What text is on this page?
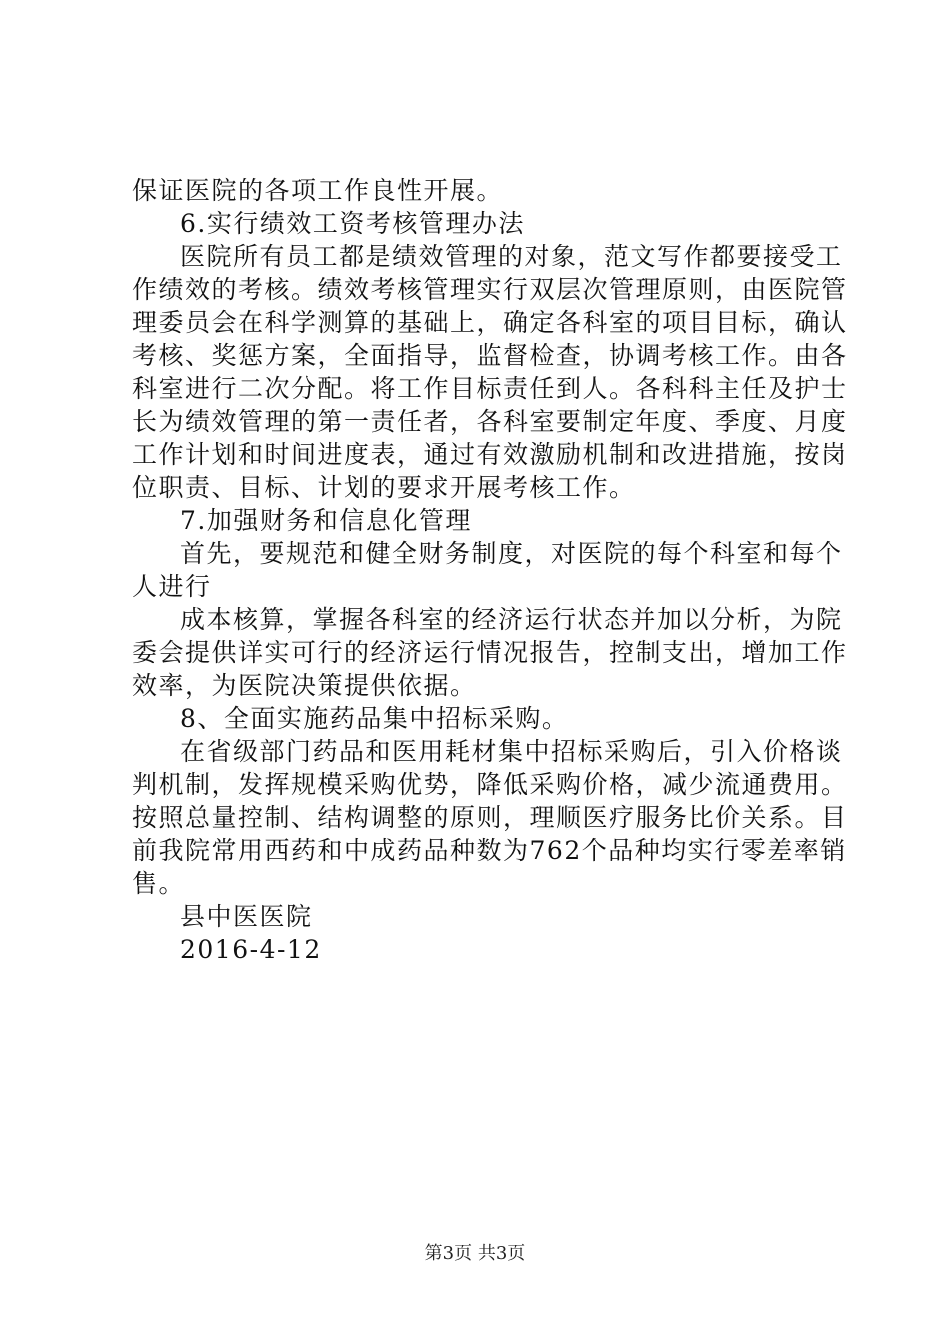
保证医院的各项工作良性开展。
6.实行绩效工资考核管理办法
医院所有员工都是绩效管理的对象，范文写作都要接受工
作绩效的考核。绩效考核管理实行双层次管理原则，由医院管
理委员会在科学测算的基础上，确定各科室的项目目标，确认
考核、奖惩方案，全面指导，监督检查，协调考核工作。由各
科室进行二次分配。将工作目标责任到人。各科科主任及护士
长为绩效管理的第一责任者，各科室要制定年度、季度、月度
工作计划和时间进度表，通过有效激励机制和改进措施，按岗
位职责、目标、计划的要求开展考核工作。
7.加强财务和信息化管理
首先，要规范和健全财务制度，对医院的每个科室和每个
人进行
成本核算，掌握各科室的经济运行状态并加以分析，为院
委会提供详实可行的经济运行情况报告，控制支出，增加工作
效率，为医院决策提供依据。
8、全面实施药品集中招标采购。
在省级部门药品和医用耗材集中招标采购后，引入价格谈
判机制，发挥规模采购优势，降低采购价格，减少流通费用。
按照总量控制、结构调整的原则，理顺医疗服务比价关系。目
前我院常用西药和中成药品种数为762个品种均实行零差率销
售。
县中医医院
2016-4-12
第3页 共3页
